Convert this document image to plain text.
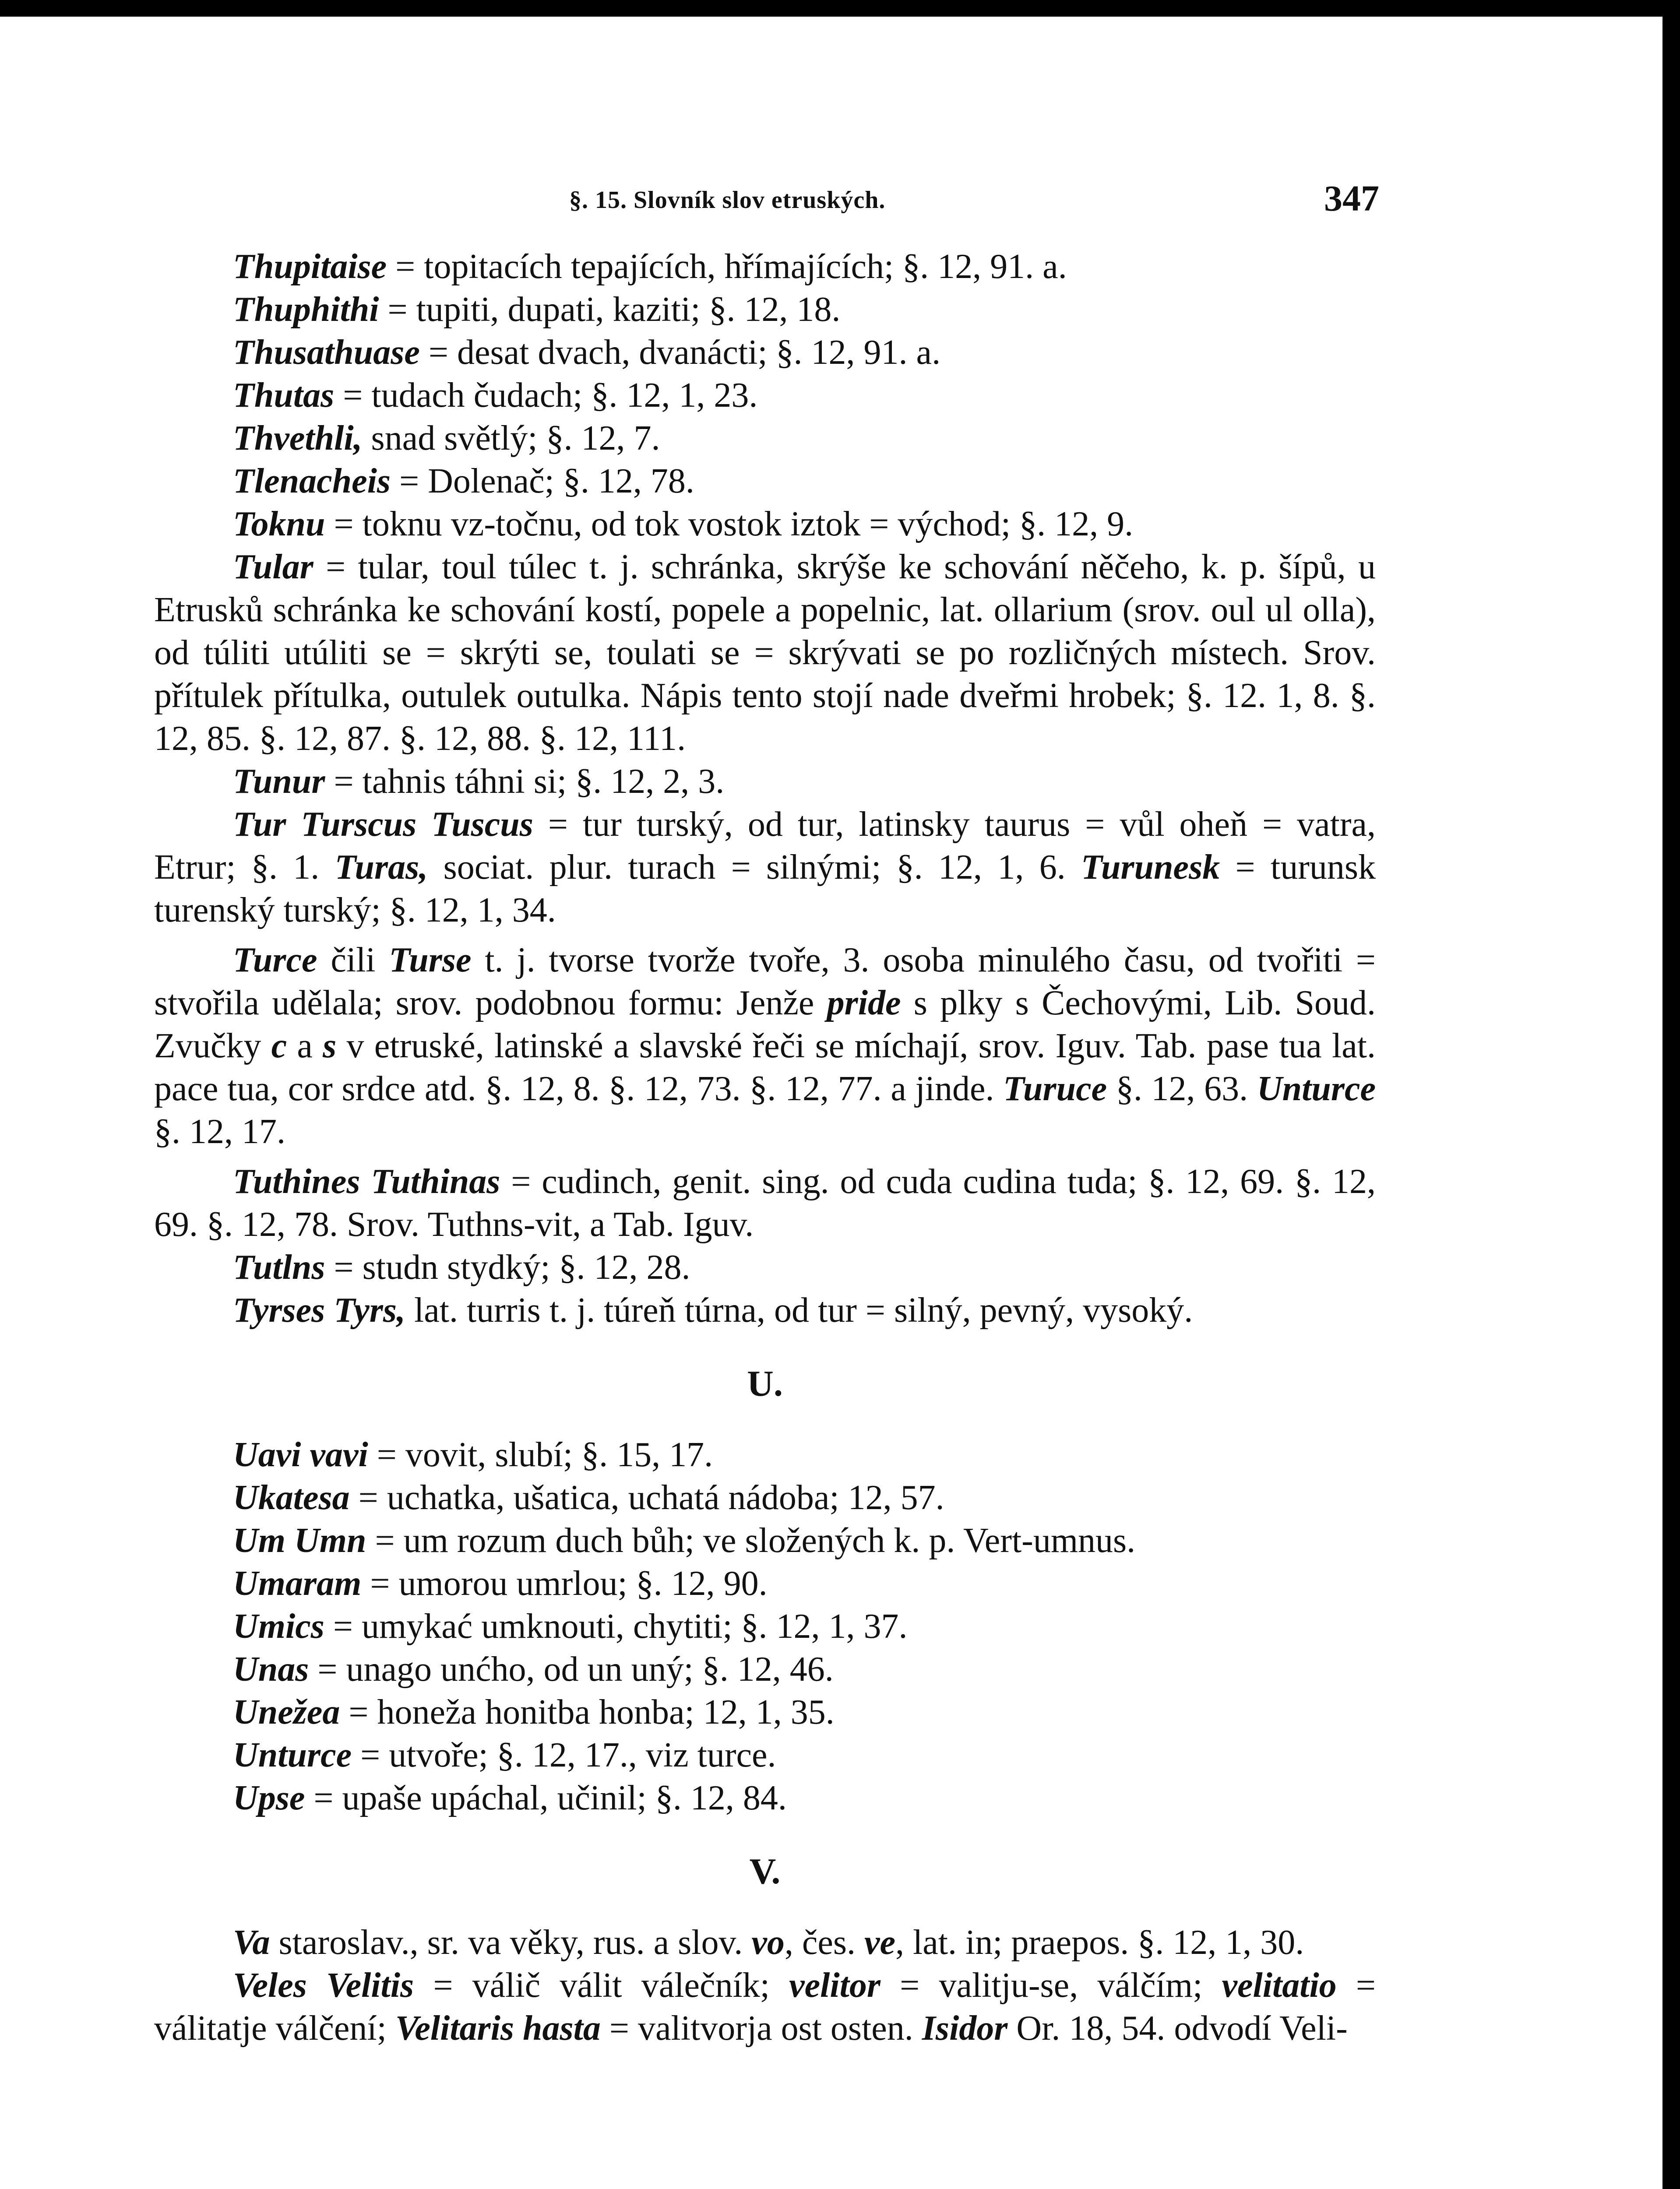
§. 15. Slovník slov etruských.	347
Thupitaise = topitacích tepajících, hřímajících; §. 12, 91. a.
Thuphithi = tupiti, dupati, kaziti; §. 12, 18.
Thusathuase = desat dvach, dvanácti; §. 12, 91. a.
Thutas = tudach čudach; §. 12, 1, 23.
Thvethli, snad světlý; §. 12, 7.
Tlenacheis = Dolenač; §. 12, 78.
Toknu = toknu vz-točnu, od tok vostok iztok = východ; §. 12, 9.
Tular = tular, toul túlec t. j. schránka, skrýše ke schování něčeho, k. p. šípů, u Etrusků schránka ke schování kostí, popele a popelnic, lat. ollarium (srov. oul ul olla), od túliti utúliti se = skrýti se, toulati se = skrývati se po rozličných místech. Srov. přítulek přítulka, outulek outulka. Nápis tento stojí nade dveřmi hrobek; §. 12. 1, 8. §. 12, 85. §. 12, 87. §. 12, 88. §. 12, 111.
Tunur = tahnis táhni si; §. 12, 2, 3.
Tur Turscus Tuscus = tur turský, od tur, latinsky taurus = vůl oheň = vatra, Etrur; §. 1. Turas, sociat. plur. turach = silnými; §. 12, 1, 6. Turunesk = turunsk turenský turský; §. 12, 1, 34.
Turce čili Turse t. j. tvorse tvorže tvoře, 3. osoba minulého času, od tvořiti = stvořila udělala; srov. podobnou formu: Jenže pride s plky s Čechovými, Lib. Soud. Zvučky c a s v etruské, latinské a slavské řeči se míchají, srov. Iguv. Tab. pase tua lat. pace tua, cor srdce atd. §. 12, 8. §. 12, 73. §. 12, 77. a jinde. Turuce §. 12, 63. Unturce §. 12, 17.
Tuthines Tuthinas = cudinch, genit. sing. od cuda cudina tuda; §. 12, 69. §. 12, 69. §. 12, 78. Srov. Tuthns-vit, a Tab. Iguv.
Tutlns = studn stydký; §. 12, 28.
Tyrses Tyrs, lat. turris t. j. túreň túrna, od tur = silný, pevný, vysoký.
U.
Uavi vavi = vovit, slubí; §. 15, 17.
Ukatesa = uchatka, ušatica, uchatá nádoba; 12, 57.
Um Umn = um rozum duch bůh; ve složených k. p. Vert-umnus.
Umaram = umorou umrlou; §. 12, 90.
Umics = umykać umknouti, chytiti; §. 12, 1, 37.
Unas = unago unćho, od un uný; §. 12, 46.
Unežea = honeža honitba honba; 12, 1, 35.
Unturce = utvoře; §. 12, 17., viz turce.
Upse = upaše upáchal, učinil; §. 12, 84.
V.
Va staroslav., sr. va věky, rus. a slov. vo, čes. ve, lat. in; praepos. §. 12, 1, 30.
Veles Velitis = válič válit válečník; velitor = valitju-se, válčím; velitatio = válitatje válčení; Velitaris hasta = valitvorja ost osten. Isidor Or. 18, 54. odvodí Veli-
